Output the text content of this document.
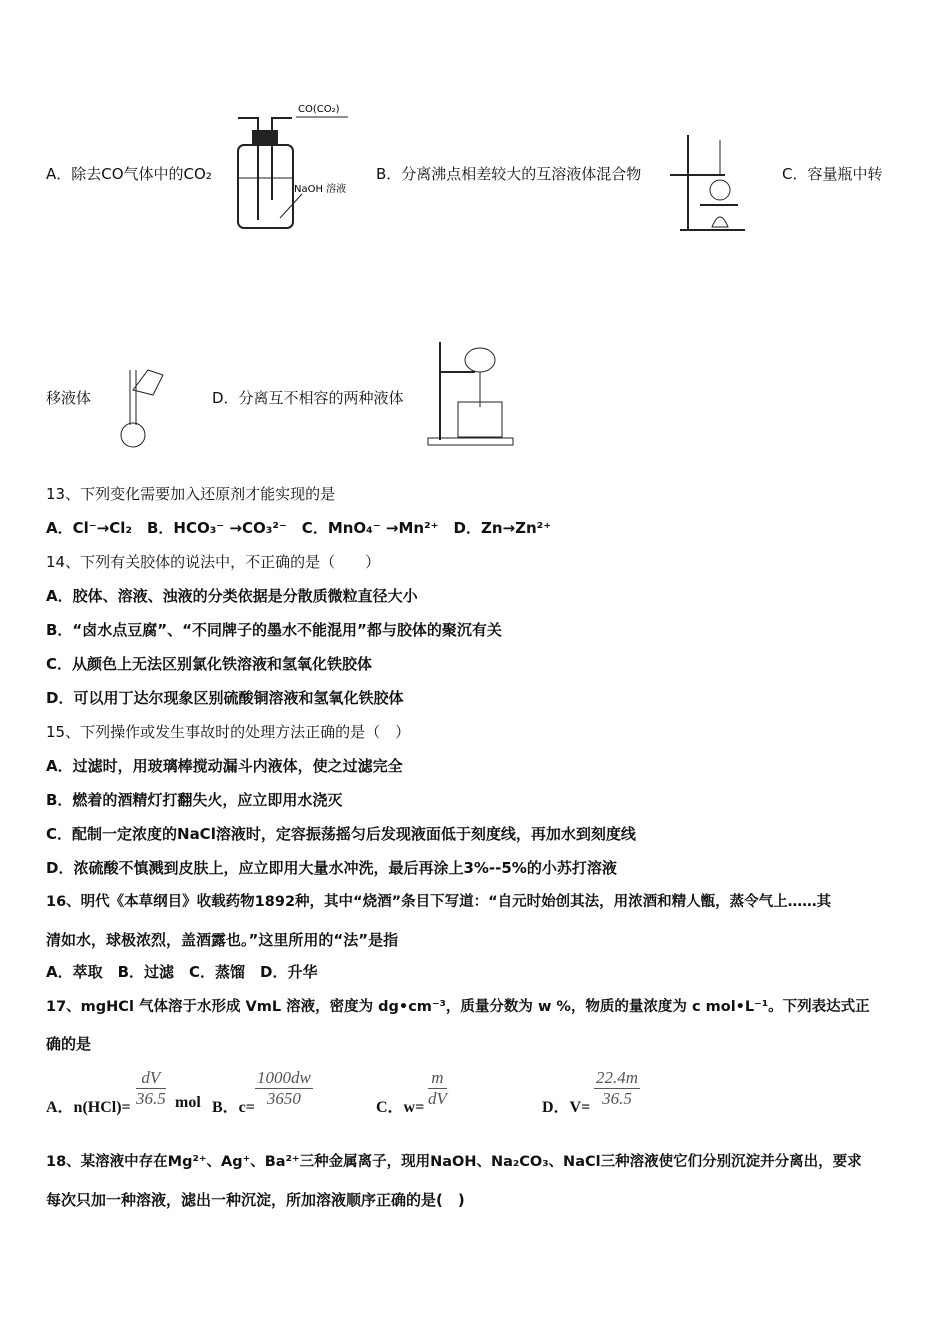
A．除去CO气体中的CO₂
CO(CO₂)
NaOH 溶液
B．分离沸点相差较大的互溶液体混合物	C．容量瓶中转
移液体	D．分离互不相容的两种液体
13、下列变化需要加入还原剂才能实现的是
A．Cl⁻→Cl₂　B．HCO₃⁻ →CO₃²⁻　C．MnO₄⁻ →Mn²⁺　D．Zn→Zn²⁺
14、下列有关胶体的说法中，不正确的是（　　）
A．胶体、溶液、浊液的分类依据是分散质微粒直径大小
B．“卤水点豆腐”、“不同牌子的墨水不能混用”都与胶体的聚沉有关
C．从颜色上无法区别氯化铁溶液和氢氧化铁胶体
D．可以用丁达尔现象区别硫酸铜溶液和氢氧化铁胶体
15、下列操作或发生事故时的处理方法正确的是（　）
A．过滤时，用玻璃棒搅动漏斗内液体，使之过滤完全
B．燃着的酒精灯打翻失火，应立即用水浇灭
C．配制一定浓度的NaCl溶液时，定容振荡摇匀后发现液面低于刻度线，再加水到刻度线
D．浓硫酸不慎溅到皮肤上，应立即用大量水冲洗，最后再涂上3%--5%的小苏打溶液
16、明代《本草纲目》收载药物1892种，其中“烧酒”条目下写道：“自元时始创其法，用浓酒和精人甑，蒸令气上……其
清如水，球极浓烈，盖酒露也。”这里所用的“法”是指
A．萃取　B．过滤　C．蒸馏　D．升华
17、mgHCl 气体溶于水形成 VmL 溶液，密度为 dg•cm⁻³，质量分数为 w %，物质的量浓度为 c mol•L⁻¹。下列表达式正
确的是
A．$n(HCl)= \frac{dV}{36.5}$ mol B．$c= \frac{1000dw}{3650}$	C．$w= \frac{m}{dV}$	D．$V= \frac{22.4m}{36.5}$
18、某溶液中存在Mg²⁺、Ag⁺、Ba²⁺三种金属离子，现用NaOH、Na₂CO₃、NaCl三种溶液使它们分别沉淀并分离出，要求
每次只加一种溶液，滤出一种沉淀，所加溶液顺序正确的是(　)
